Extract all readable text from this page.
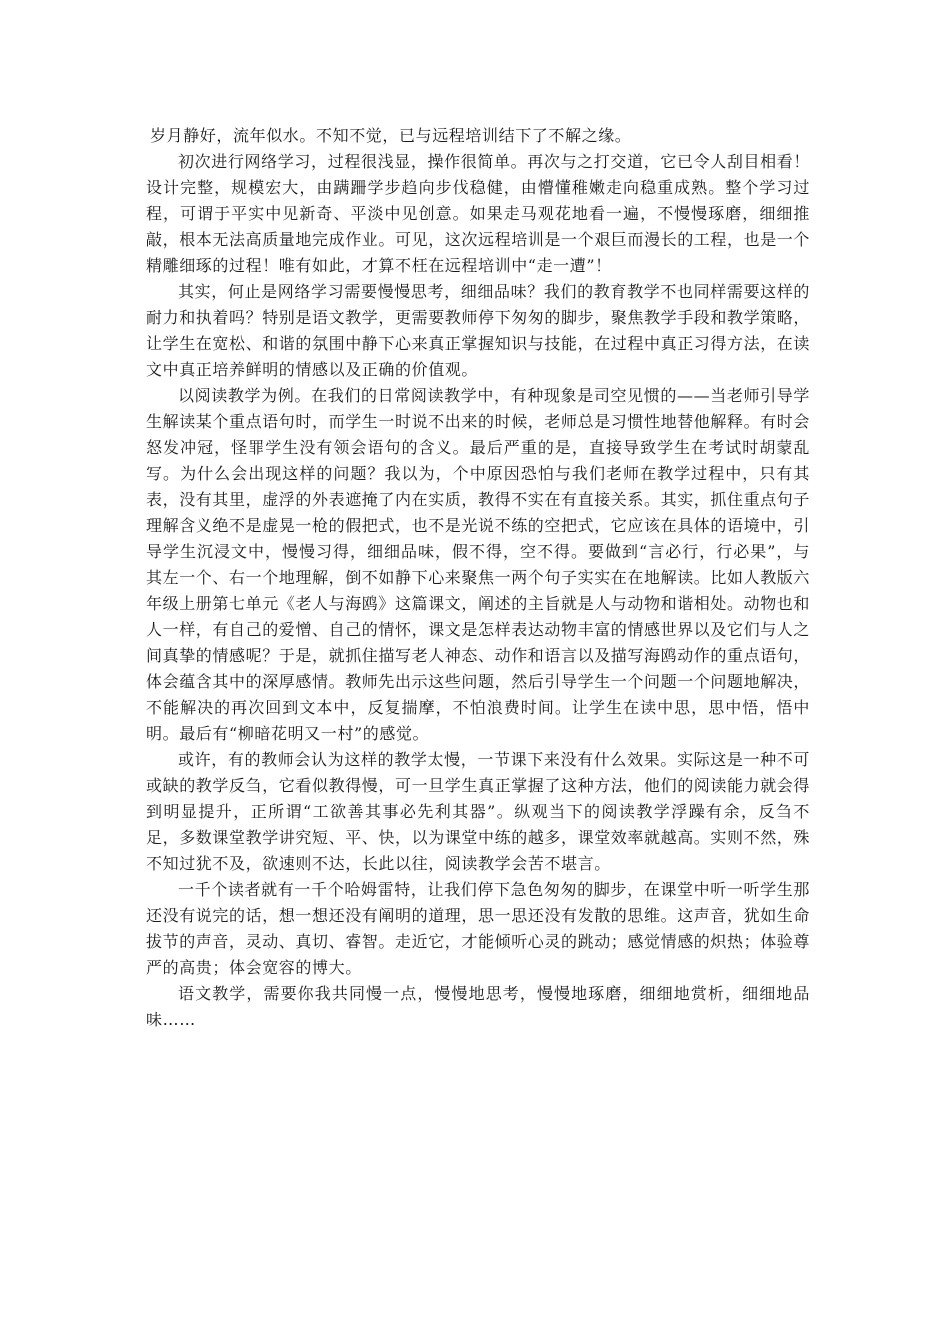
岁月静好，流年似水。不知不觉，已与远程培训结下了不解之缘。

初次进行网络学习，过程很浅显，操作很简单。再次与之打交道，它已令人刮目相看！设计完整，规模宏大，由蹒跚学步趋向步伐稳健，由懵懂稚嫩走向稳重成熟。整个学习过程，可谓于平实中见新奇、平淡中见创意。如果走马观花地看一遍，不慢慢琢磨，细细推敲，根本无法高质量地完成作业。可见，这次远程培训是一个艰巨而漫长的工程，也是一个精雕细琢的过程！唯有如此，才算不枉在远程培训中“走一遭”！

其实，何止是网络学习需要慢慢思考，细细品味？我们的教育教学不也同样需要这样的耐力和执着吗？特别是语文教学，更需要教师停下匆匆的脚步，聚焦教学手段和教学策略，让学生在宽松、和谐的氛围中静下心来真正掌握知识与技能，在过程中真正习得方法，在读文中真正培养鲜明的情感以及正确的价值观。

以阅读教学为例。在我们的日常阅读教学中，有种现象是司空见惯的——当老师引导学生解读某个重点语句时，而学生一时说不出来的时候，老师总是习惯性地替他解释。有时会怒发冲冠，怪罪学生没有领会语句的含义。最后严重的是，直接导致学生在考试时胡蒙乱写。为什么会出现这样的问题？我以为，个中原因恐怕与我们老师在教学过程中，只有其表，没有其里，虚浮的外表遮掩了内在实质，教得不实在有直接关系。其实，抓住重点句子理解含义绝不是虚晃一枪的假把式，也不是光说不练的空把式，它应该在具体的语境中，引导学生沉浸文中，慢慢习得，细细品味，假不得，空不得。要做到“言必行，行必果”，与其左一个、右一个地理解，倒不如静下心来聚焦一两个句子实实在在地解读。比如人教版六年级上册第七单元《老人与海鸥》这篇课文，阐述的主旨就是人与动物和谐相处。动物也和人一样，有自己的爱憎、自己的情怀，课文是怎样表达动物丰富的情感世界以及它们与人之间真挚的情感呢？于是，就抓住描写老人神态、动作和语言以及描写海鸥动作的重点语句，体会蕴含其中的深厚感情。教师先出示这些问题，然后引导学生一个问题一个问题地解决，不能解决的再次回到文本中，反复揣摩，不怕浪费时间。让学生在读中思，思中悟，悟中明。最后有“柳暗花明又一村”的感觉。

或许，有的教师会认为这样的教学太慢，一节课下来没有什么效果。实际这是一种不可或缺的教学反刍，它看似教得慢，可一旦学生真正掌握了这种方法，他们的阅读能力就会得到明显提升，正所谓“工欲善其事必先利其器”。纵观当下的阅读教学浮躁有余，反刍不足，多数课堂教学讲究短、平、快，以为课堂中练的越多，课堂效率就越高。实则不然，殊不知过犹不及，欲速则不达，长此以往，阅读教学会苦不堪言。

一千个读者就有一千个哈姆雷特，让我们停下急色匆匆的脚步，在课堂中听一听学生那还没有说完的话，想一想还没有阐明的道理，思一思还没有发散的思维。这声音，犹如生命拔节的声音，灵动、真切、睿智。走近它，才能倾听心灵的跳动；感觉情感的炽热；体验尊严的高贵；体会宽容的博大。

语文教学，需要你我共同慢一点，慢慢地思考，慢慢地琢磨，细细地赏析，细细地品味……
